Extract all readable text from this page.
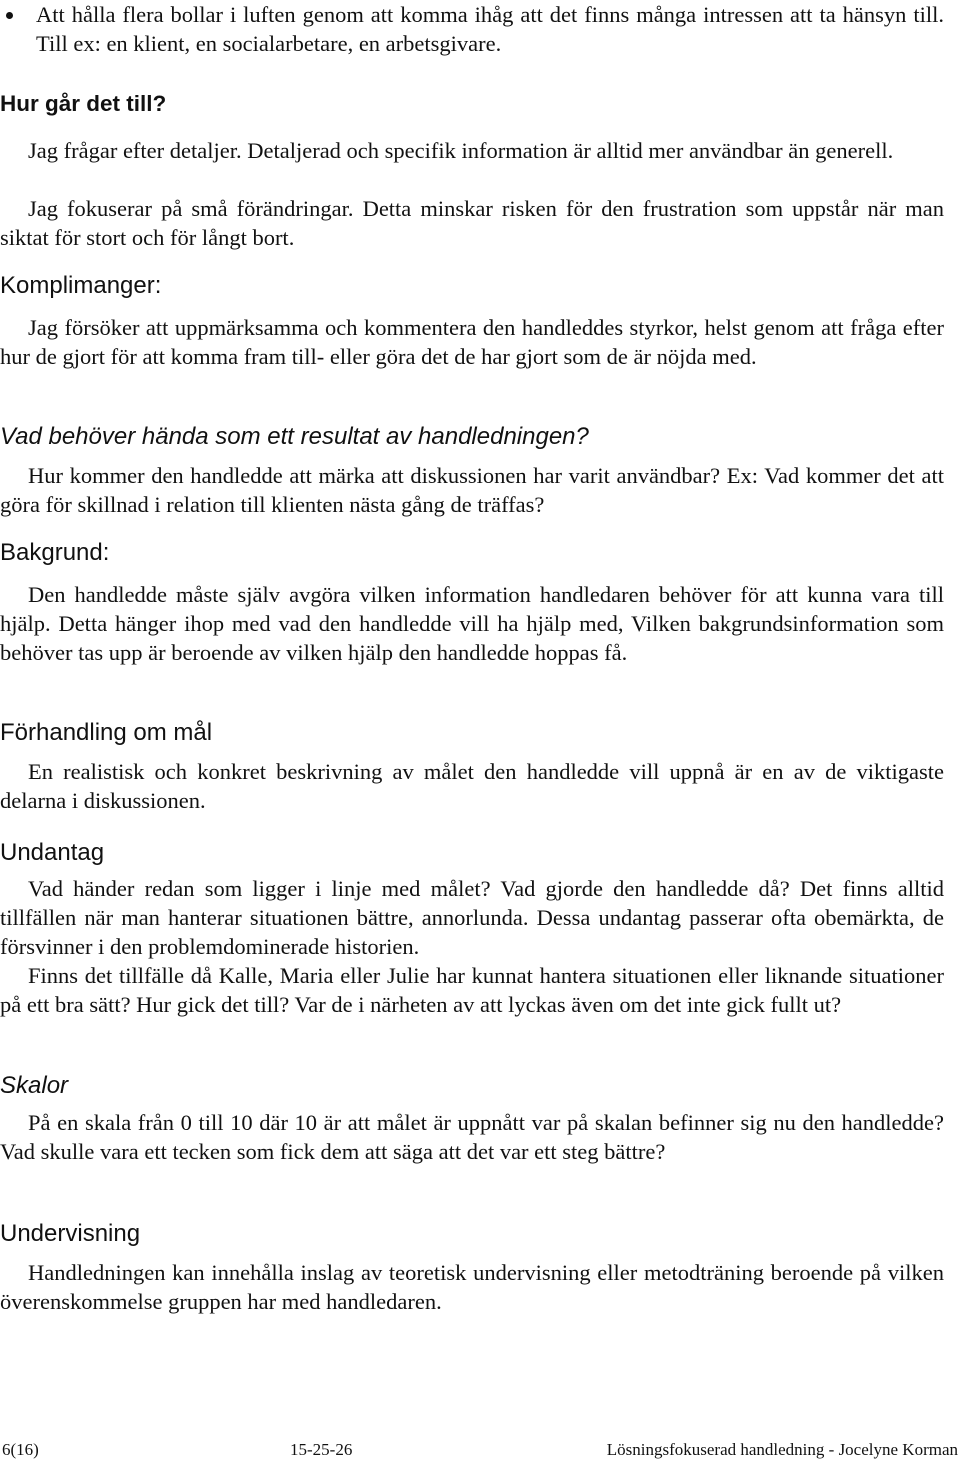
Att hålla flera bollar i luften genom att komma ihåg att det finns många intressen att ta hänsyn till. Till ex: en klient, en socialarbetare, en arbetsgivare.

Hur går det till?

Jag frågar efter detaljer. Detaljerad och specifik information är alltid mer användbar än generell.

Jag fokuserar på små förändringar. Detta minskar risken för den frustration som uppstår när man siktat för stort och för långt bort.

Komplimanger:

Jag försöker att uppmärksamma och kommentera den handleddes styrkor, helst genom att fråga efter hur de gjort för att komma fram till- eller göra det de har gjort som de är nöjda med.

Vad behöver hända som ett resultat av handledningen?

Hur kommer den handledde att märka att diskussionen har varit användbar? Ex: Vad kommer det att göra för skillnad i relation till klienten nästa gång de träffas?

Bakgrund:

Den handledde måste själv avgöra vilken information handledaren behöver för att kunna vara till hjälp. Detta hänger ihop med vad den handledde vill ha hjälp med, Vilken bakgrundsinformation som behöver tas upp är beroende av vilken hjälp den handledde hoppas få.

Förhandling om mål

En realistisk och konkret beskrivning av målet den handledde vill uppnå är en av de viktigaste delarna i diskussionen.

Undantag

Vad händer redan som ligger i linje med målet? Vad gjorde den handledde då? Det finns alltid tillfällen när man hanterar situationen bättre, annorlunda. Dessa undantag passerar ofta obemärkta, de försvinner i den problemdominerade historien.

Finns det tillfälle då Kalle, Maria eller Julie har kunnat hantera situationen eller liknande situationer på ett bra sätt? Hur gick det till? Var de i närheten av att lyckas även om det inte gick fullt ut?

Skalor

På en skala från 0 till 10 där 10 är att målet är uppnått var på skalan befinner sig nu den handledde? Vad skulle vara ett tecken som fick dem att säga att det var ett steg bättre?

Undervisning

Handledningen kan innehålla inslag av teoretisk undervisning eller metodträning beroende på vilken överenskommelse gruppen har med handledaren.

6(16)	15-25-26	Lösningsfokuserad handledning - Jocelyne Korman
